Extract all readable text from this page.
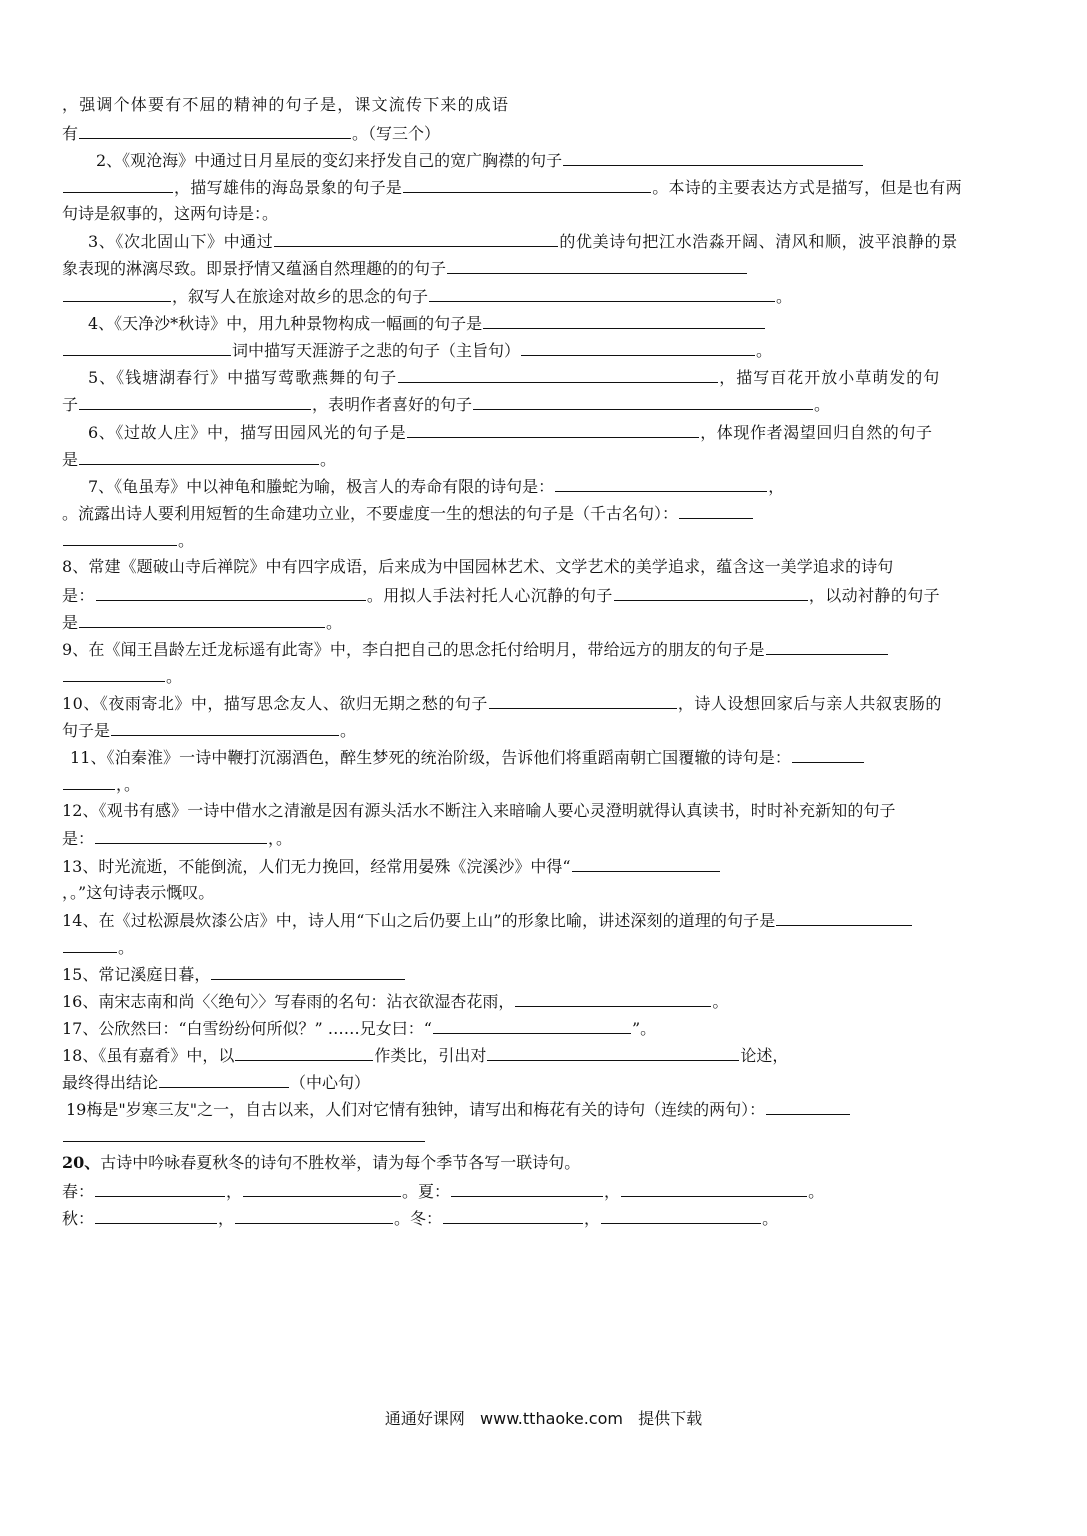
，强调个体要有不屈的精神的句子是，课文流传下来的成语
有	。（写三个）
2、《观沧海》中通过日月星辰的变幻来抒发自己的宽广胸襟的句子
，描写雄伟的海岛景象的句子是	。本诗的主要表达方式是描写，但是也有两
句诗是叙事的，这两句诗是：。
3、《次北固山下》中通过	的优美诗句把江水浩淼开阔、清风和顺，波平浪静的景
象表现的淋漓尽致。即景抒情又蕴涵自然理趣的的句子
，叙写人在旅途对故乡的思念的句子	。
4、《天净沙*秋诗》中，用九种景物构成一幅画的句子是
词中描写天涯游子之悲的句子（主旨句）	。
5、《钱塘湖春行》中描写莺歌燕舞的句子	，描写百花开放小草萌发的句
子	，表明作者喜好的句子	。
6、《过故人庄》中，描写田园风光的句子是	，体现作者渴望回归自然的句子
是	。
7、《龟虽寿》中以神龟和螣蛇为喻，极言人的寿命有限的诗句是：	，
。流露出诗人要利用短暂的生命建功立业，不要虚度一生的想法的句子是（千古名句）：
。
8、常建《题破山寺后禅院》中有四字成语，后来成为中国园林艺术、文学艺术的美学追求，蕴含这一美学追求的诗句
是：	。用拟人手法衬托人心沉静的句子	，以动衬静的句子
是	。
9、在《闻王昌龄左迁龙标遥有此寄》中，李白把自己的思念托付给明月，带给远方的朋友的句子是
。
10、《夜雨寄北》中，描写思念友人、欲归无期之愁的句子	，诗人设想回家后与亲人共叙衷肠的
句子是	。
11、《泊秦淮》一诗中鞭打沉溺酒色，醉生梦死的统治阶级，告诉他们将重蹈南朝亡国覆辙的诗句是：
，。
12、《观书有感》一诗中借水之清澈是因有源头活水不断注入来暗喻人要心灵澄明就得认真读书，时时补充新知的句子
是：	，。
13、时光流逝，不能倒流，人们无力挽回，经常用晏殊《浣溪沙》中得“
，。”这句诗表示慨叹。
14、在《过松源晨炊漆公店》中，诗人用“下山之后仍要上山”的形象比喻，讲述深刻的道理的句子是
。
15、常记溪庭日暮，
16、南宋志南和尚〈〈绝句〉〉写春雨的名句：沾衣欲湿杏花雨，	。
17、公欣然曰：“白雪纷纷何所似？” ……兄女曰：“	”。
18、《虽有嘉肴》中，以	作类比，引出对	论述，
最终得出结论	（中心句）
19梅是"岁寒三友"之一，自古以来，人们对它情有独钟，请写出和梅花有关的诗句（连续的两句）：
20、古诗中吟咏春夏秋冬的诗句不胜枚举，请为每个季节各写一联诗句。
春：	，	。夏：	，	。
秋：	，	。冬：	，	。
通通好课网 www.tthaoke.com 提供下载
